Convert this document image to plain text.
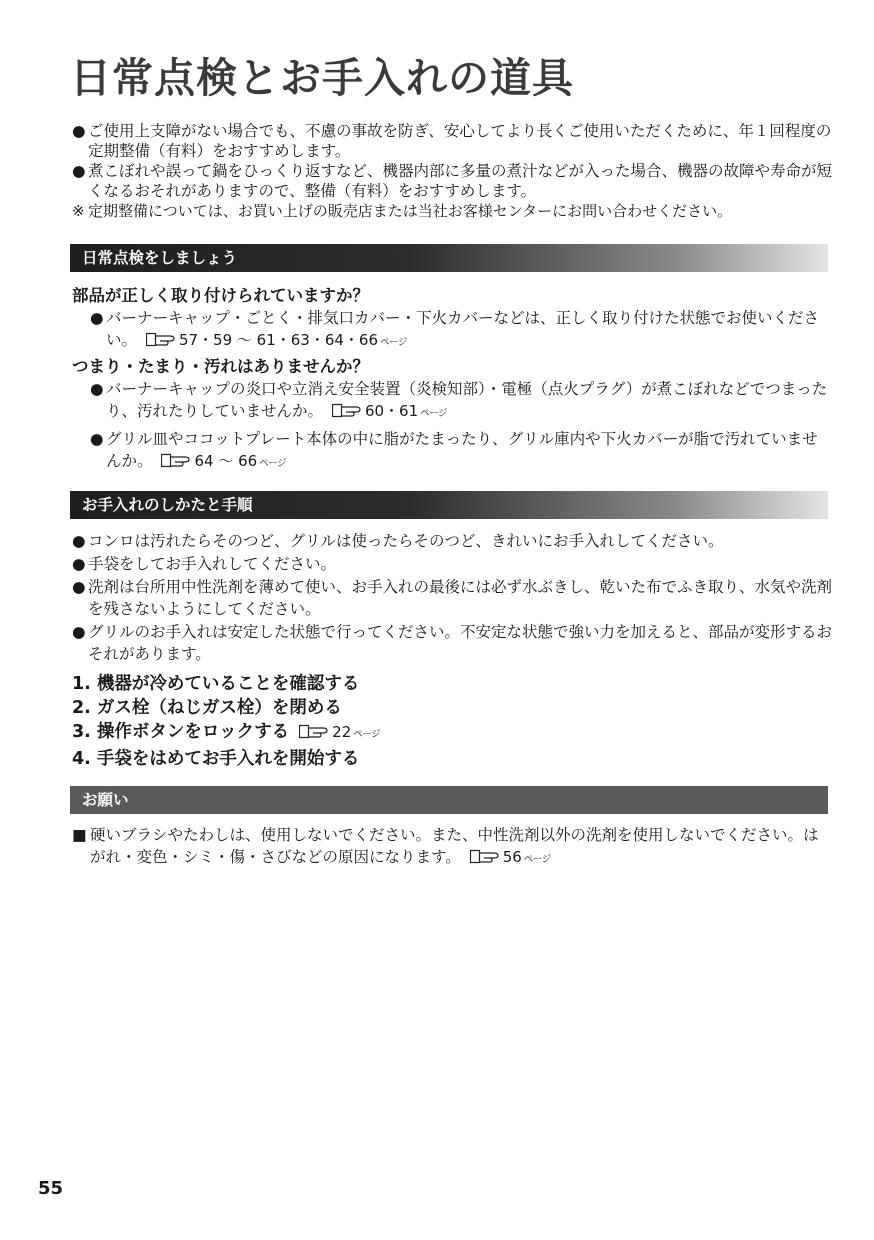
日常点検とお手入れの道具
● ご使用上支障がない場合でも、不慮の事故を防ぎ、安心してより長くご使用いただくために、年１回程度の定期整備（有料）をおすすめします。
● 煮こぼれや誤って鍋をひっくり返すなど、機器内部に多量の煮汁などが入った場合、機器の故障や寿命が短くなるおそれがありますので、整備（有料）をおすすめします。
※ 定期整備については、お買い上げの販売店または当社お客様センターにお問い合わせください。
日常点検をしましょう
部品が正しく取り付けられていますか？
● バーナーキャップ・ごとく・排気口カバー・下火カバーなどは、正しく取り付けた状態でお使いください。	57・59 ～ 61・63・64・66 ページ
つまり・たまり・汚れはありませんか？
● バーナーキャップの炎口や立消え安全装置（炎検知部）・電極（点火プラグ）が煮こぼれなどでつまったり、汚れたりしていませんか。	60・61 ページ
● グリル皿やココットプレート本体の中に脂がたまったり、グリル庫内や下火カバーが脂で汚れていませんか。	64 ～ 66 ページ
お手入れのしかたと手順
● コンロは汚れたらそのつど、グリルは使ったらそのつど、きれいにお手入れしてください。
● 手袋をしてお手入れしてください。
● 洗剤は台所用中性洗剤を薄めて使い、お手入れの最後には必ず水ぶきし、乾いた布でふき取り、水気や洗剤を残さないようにしてください。
● グリルのお手入れは安定した状態で行ってください。不安定な状態で強い力を加えると、部品が変形するおそれがあります。
1. 機器が冷めていることを確認する
2. ガス栓（ねじガス栓）を閉める
3. 操作ボタンをロックする	22 ページ
4. 手袋をはめてお手入れを開始する
お願い
■ 硬いブラシやたわしは、使用しないでください。また、中性洗剤以外の洗剤を使用しないでください。はがれ・変色・シミ・傷・さびなどの原因になります。	56 ページ
55
